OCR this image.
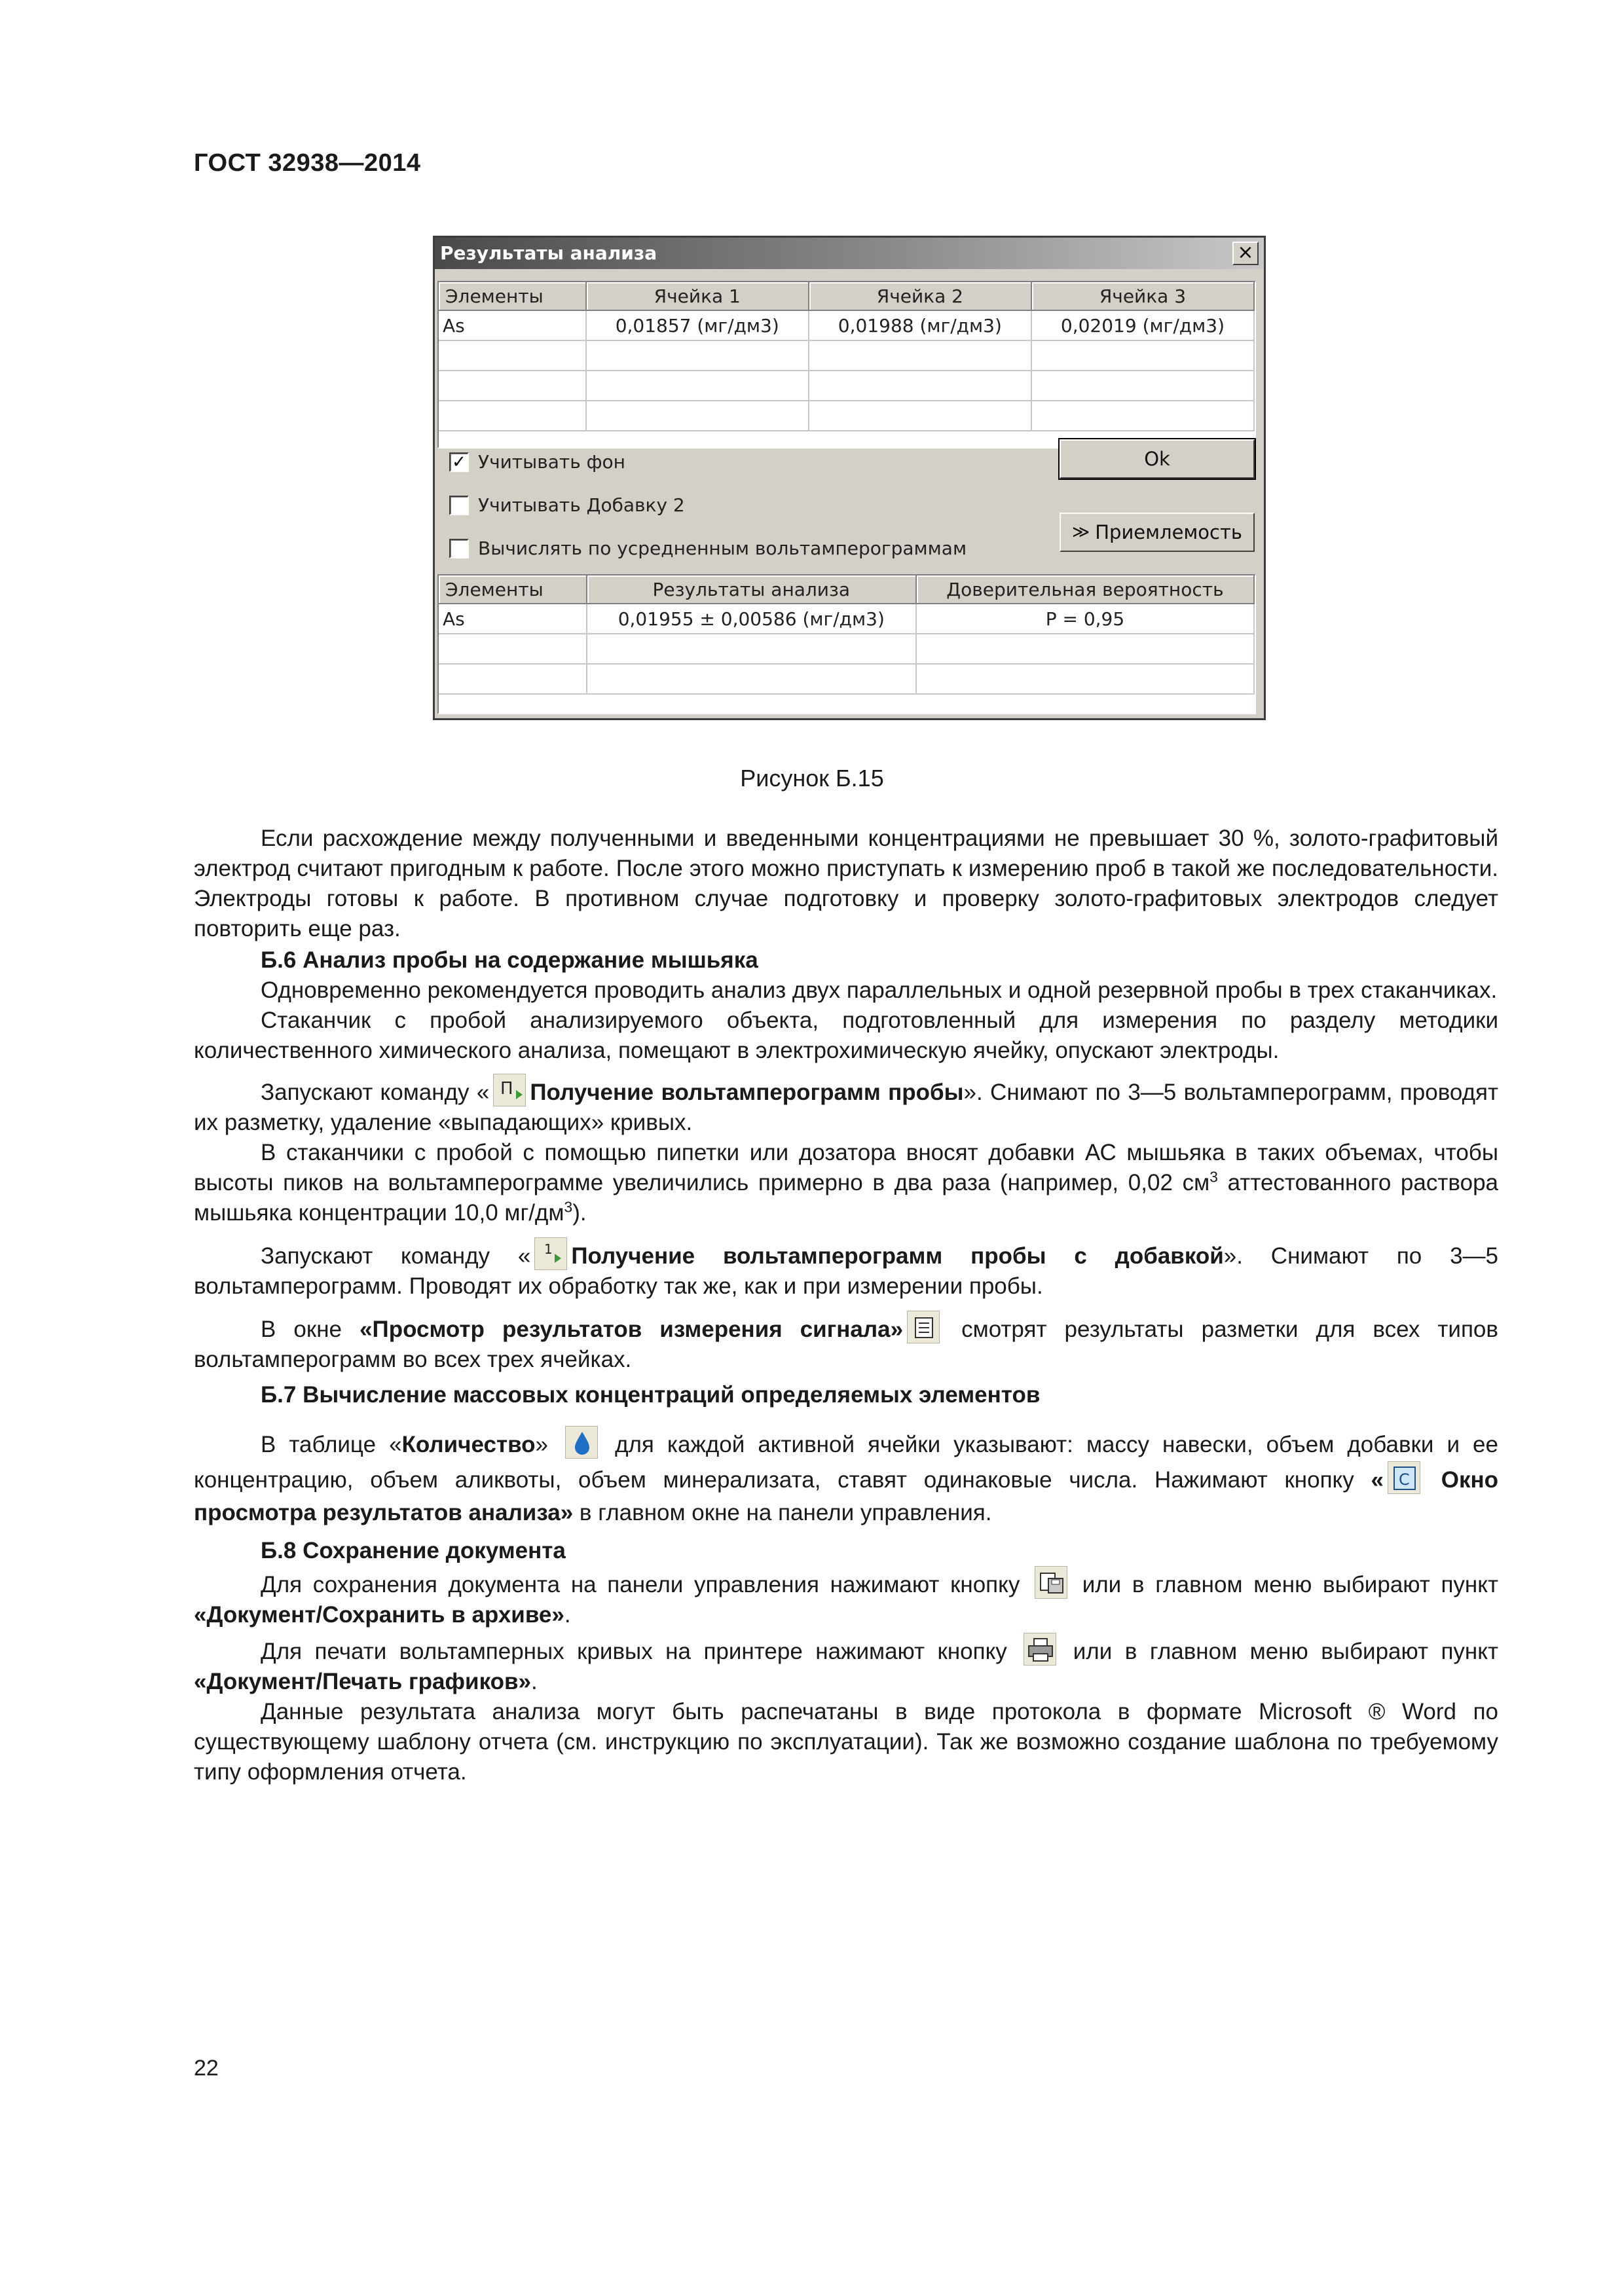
ГОСТ 32938—2014
Результаты анализа	×
Элементы	Ячейка 1	Ячейка 2	Ячейка 3
As	0,01857 (мг/дм3)	0,01988 (мг/дм3)	0,02019 (мг/дм3)

✓ Учитывать фон
Учитывать Добавку 2
Вычислять по усредненным вольтамперограммам
Ok
≫ Приемлемость
Элементы	Результаты анализа	Доверительная вероятность
As	0,01955 ± 0,00586 (мг/дм3)	P = 0,95

Рисунок Б.15

Если расхождение между полученными и введенными концентрациями не превышает 30 %, золото-графитовый электрод считают пригодным к работе. После этого можно приступать к измерению проб в такой же последовательности. Электроды готовы к работе. В противном случае подготовку и проверку золото-графитовых электродов следует повторить еще раз.

Б.6 Анализ пробы на содержание мышьяка

Одновременно рекомендуется проводить анализ двух параллельных и одной резервной пробы в трех стаканчиках.

Стаканчик с пробой анализируемого объекта, подготовленный для измерения по разделу методики количественного химического анализа, помещают в электрохимическую ячейку, опускают электроды.

Запускают команду « П Получение вольтамперограмм пробы». Снимают по 3—5 вольтамперограмм, проводят их разметку, удаление «выпадающих» кривых.

В стаканчики с пробой с помощью пипетки или дозатора вносят добавки АС мышьяка в таких объемах, чтобы высоты пиков на вольтамперограмме увеличились примерно в два раза (например, 0,02 $см^3$ аттестованного раствора мышьяка концентрации 10,0 $мг/дм^3$).

Запускают команду « 1 Получение вольтамперограмм пробы с добавкой». Снимают по 3—5 вольтамперограмм. Проводят их обработку так же, как и при измерении пробы.

В окне «Просмотр результатов измерения сигнала»
смотрят результаты разметки для всех типов вольтамперограмм во всех трех ячейках.

Б.7 Вычисление массовых концентраций определяемых элементов

В таблице «Количество»
для каждой активной ячейки указывают: массу навески, объем добавки и ее концентрацию, объем аликвоты, объем минерализата, ставят одинаковые числа. Нажимают кнопку « C Окно просмотра результатов анализа» в главном окне на панели управления.

Б.8 Сохранение документа

Для сохранения документа на панели управления нажимают кнопку
или в главном меню выбирают пункт «Документ/Сохранить в архиве».

Для печати вольтамперных кривых на принтере нажимают кнопку
или в главном меню выбирают пункт «Документ/Печать графиков».

Данные результата анализа могут быть распечатаны в виде протокола в формате Microsoft ® Word по существующему шаблону отчета (см. инструкцию по эксплуатации). Так же возможно создание шаблона по требуемому типу оформления отчета.

22
